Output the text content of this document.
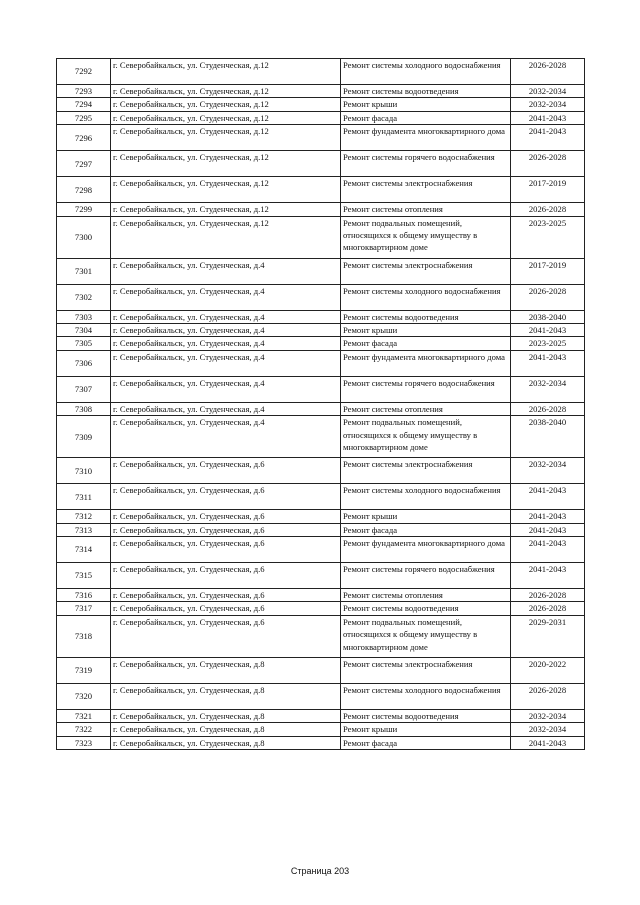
7292	г. Северобайкальск, ул. Студенческая, д.12	Ремонт системы холодного водоснабжения	2026-2028
7293	г. Северобайкальск, ул. Студенческая, д.12	Ремонт системы водоотведения	2032-2034
7294	г. Северобайкальск, ул. Студенческая, д.12	Ремонт крыши	2032-2034
7295	г. Северобайкальск, ул. Студенческая, д.12	Ремонт фасада	2041-2043
7296	г. Северобайкальск, ул. Студенческая, д.12	Ремонт фундамента многоквартирного дома	2041-2043
7297	г. Северобайкальск, ул. Студенческая, д.12	Ремонт системы горячего водоснабжения	2026-2028
7298	г. Северобайкальск, ул. Студенческая, д.12	Ремонт системы электроснабжения	2017-2019
7299	г. Северобайкальск, ул. Студенческая, д.12	Ремонт системы отопления	2026-2028
7300	г. Северобайкальск, ул. Студенческая, д.12	Ремонт подвальных помещений, относящихся к общему имуществу в многоквартирном доме	2023-2025
7301	г. Северобайкальск, ул. Студенческая, д.4	Ремонт системы электроснабжения	2017-2019
7302	г. Северобайкальск, ул. Студенческая, д.4	Ремонт системы холодного водоснабжения	2026-2028
7303	г. Северобайкальск, ул. Студенческая, д.4	Ремонт системы водоотведения	2038-2040
7304	г. Северобайкальск, ул. Студенческая, д.4	Ремонт крыши	2041-2043
7305	г. Северобайкальск, ул. Студенческая, д.4	Ремонт фасада	2023-2025
7306	г. Северобайкальск, ул. Студенческая, д.4	Ремонт фундамента многоквартирного дома	2041-2043
7307	г. Северобайкальск, ул. Студенческая, д.4	Ремонт системы горячего водоснабжения	2032-2034
7308	г. Северобайкальск, ул. Студенческая, д.4	Ремонт системы отопления	2026-2028
7309	г. Северобайкальск, ул. Студенческая, д.4	Ремонт подвальных помещений, относящихся к общему имуществу в многоквартирном доме	2038-2040
7310	г. Северобайкальск, ул. Студенческая, д.6	Ремонт системы электроснабжения	2032-2034
7311	г. Северобайкальск, ул. Студенческая, д.6	Ремонт системы холодного водоснабжения	2041-2043
7312	г. Северобайкальск, ул. Студенческая, д.6	Ремонт крыши	2041-2043
7313	г. Северобайкальск, ул. Студенческая, д.6	Ремонт фасада	2041-2043
7314	г. Северобайкальск, ул. Студенческая, д.6	Ремонт фундамента многоквартирного дома	2041-2043
7315	г. Северобайкальск, ул. Студенческая, д.6	Ремонт системы горячего водоснабжения	2041-2043
7316	г. Северобайкальск, ул. Студенческая, д.6	Ремонт системы отопления	2026-2028
7317	г. Северобайкальск, ул. Студенческая, д.6	Ремонт системы водоотведения	2026-2028
7318	г. Северобайкальск, ул. Студенческая, д.6	Ремонт подвальных помещений, относящихся к общему имуществу в многоквартирном доме	2029-2031
7319	г. Северобайкальск, ул. Студенческая, д.8	Ремонт системы электроснабжения	2020-2022
7320	г. Северобайкальск, ул. Студенческая, д.8	Ремонт системы холодного водоснабжения	2026-2028
7321	г. Северобайкальск, ул. Студенческая, д.8	Ремонт системы водоотведения	2032-2034
7322	г. Северобайкальск, ул. Студенческая, д.8	Ремонт крыши	2032-2034
7323	г. Северобайкальск, ул. Студенческая, д.8	Ремонт фасада	2041-2043
Страница 203
